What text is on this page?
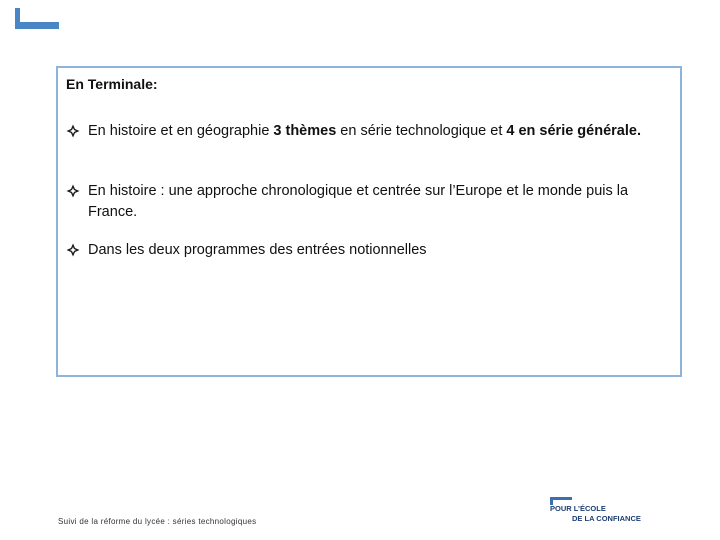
En Terminale:

En histoire et en géographie 3 thèmes en série technologique et 4 en série générale.
En histoire : une approche chronologique et centrée sur l’Europe et le monde puis la France.
Dans les deux programmes des entrées notionnelles
Suivi de la réforme du lycée : séries technologiques
POUR L’ÉCOLE
DE LA CONFIANCE
